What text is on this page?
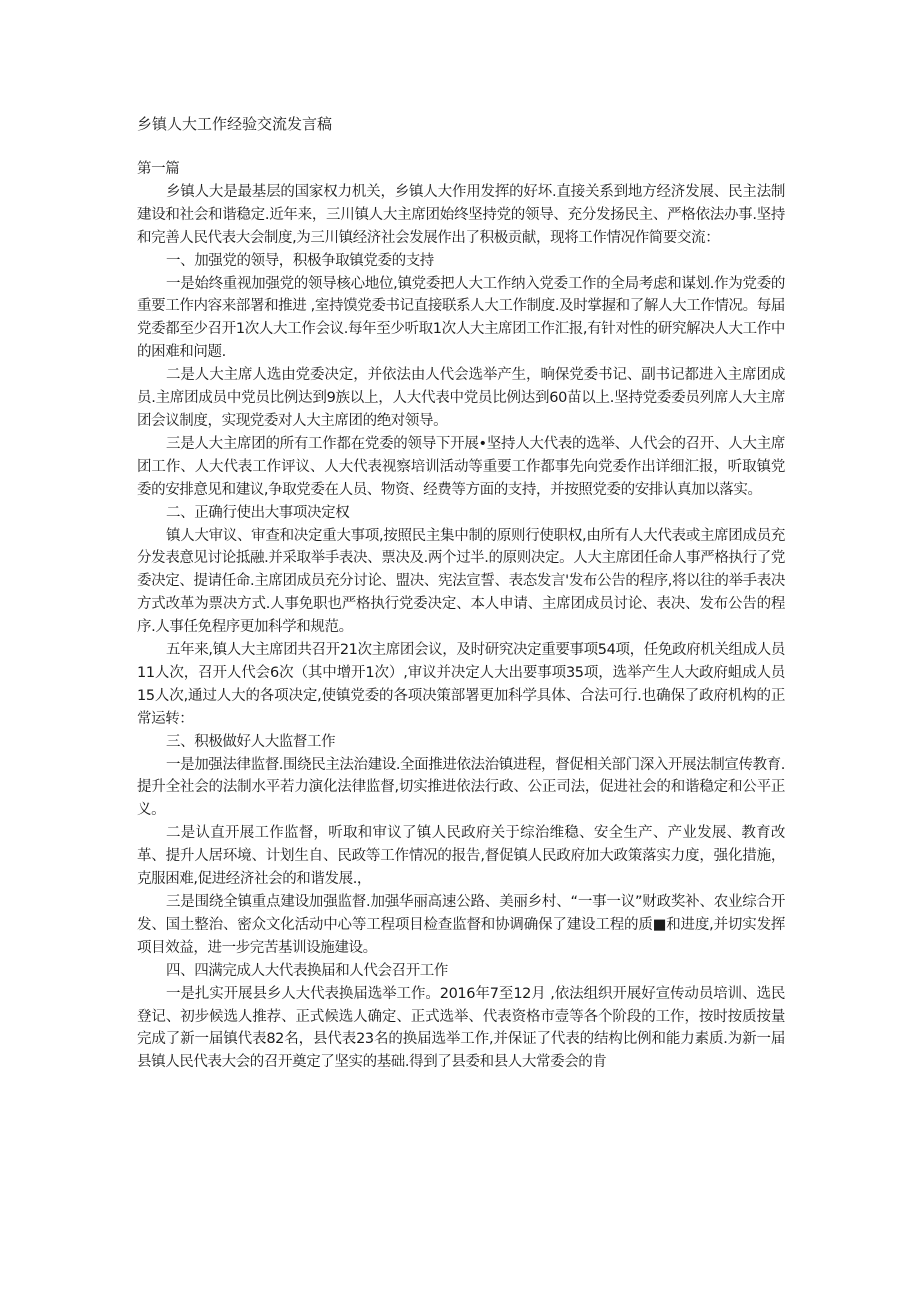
乡镇人大工作经验交流发言稿

第一篇

乡镇人大是最基层的国家权力机关，乡镇人大作用发挥的好坏.直接关系到地方经济发展、民主法制建设和社会和谐稳定.近年来，三川镇人大主席团始终坚持党的领导、充分发扬民主、严格依法办事.坚持和完善人民代表大会制度,为三川镇经济社会发展作出了积极贡献，现将工作情况作简要交流：

一、加强党的领导，积极争取镇党委的支持

一是始终重视加强党的领导核心地位,镇党委把人大工作纳入党委工作的全局考虑和谋划.作为党委的重要工作内容来部署和推进 ,室持馍党委书记直接联系人大工作制度.及时掌握和了解人大工作情况。每届党委都至少召开1次人大工作会议.每年至少听取1次人大主席团工作汇报,有针对性的研究解决人大工作中的困难和问题.

二是人大主席人选由党委决定，并依法由人代会选举产生，晌保党委书记、副书记都进入主席团成员.主席团成员中党员比例达到9族以上，人大代表中党员比例达到60苗以上.坚持党委委员列席人大主席团会议制度，实现党委对人大主席团的绝对领导。

三是人大主席团的所有工作都在党委的领导下开展•坚持人大代表的选举、人代会的召开、人大主席团工作、人大代表工作评议、人大代表视察培训活动等重要工作都事先向党委作出详细汇报，听取镇党委的安排意见和建议,争取党委在人员、物资、经费等方面的支持，并按照党委的安排认真加以落实。

二、正确行使出大事项决定权

镇人大审议、审查和决定重大事项,按照民主集中制的原则行使职权,由所有人大代表或主席团成员充分发表意见讨论抵融.并采取举手表决、票决及.两个过半.的原则决定。人大主席团任命人事严格执行了党委决定、提请任命.主席团成员充分讨论、盟决、宪法宣誓、表态发言'发布公告的程序,将以往的举手表决方式改革为票决方式.人事免职也严格执行党委决定、本人申请、主席团成员讨论、表决、发布公告的程序.人事任免程序更加科学和规范。

五年来,镇人大主席团共召开21次主席团会议，及时研究决定重要事项54项，任免政府机关组成人员11人次，召开人代会6次（其中增开1次）,审议并决定人大出要事项35项，选举产生人大政府蛆成人员15人次,通过人大的各项决定,使镇党委的各项决策部署更加科学具体、合法可行.也确保了政府机构的正常运转：

三、积极做好人大监督工作

一是加强法律监督.围绕民主法治建设.全面推进依法治镇进程，督促相关部门深入开展法制宣传教育.提升全社会的法制水平若力演化法律监督,切实推进依法行政、公正司法，促进社会的和谐稳定和公平正义。

二是认直开展工作监督，听取和审议了镇人民政府关于综治维稳、安全生产、产业发展、教育改革、提升人居环境、计划生自、民政等工作情况的报告,督促镇人民政府加大政策落实力度，强化措施，克服困难,促进经济社会的和谐发展.，

三是围绕全镇重点建设加强监督.加强华丽高速公路、美丽乡村、“一事一议”财政奖补、农业综合开发、国土整治、密众文化活动中心等工程项目检查监督和协调确保了建设工程的质■和进度,并切实发挥项目效益，进一步完苦基训设施建设。

四、四满完成人大代表换届和人代会召开工作

一是扎实开展县乡人大代表换届选举工作。2016年7至12月 ,依法组织开展好宣传动员培训、选民登记、初步候选人推荐、正式候选人确定、正式选举、代表资格市壹等各个阶段的工作，按时按质按量完成了新一届镇代表82名，县代表23名的换届选举工作,并保证了代表的结构比例和能力素质.为新一届县镇人民代表大会的召开奠定了坚实的基础.得到了县委和县人大常委会的肯
